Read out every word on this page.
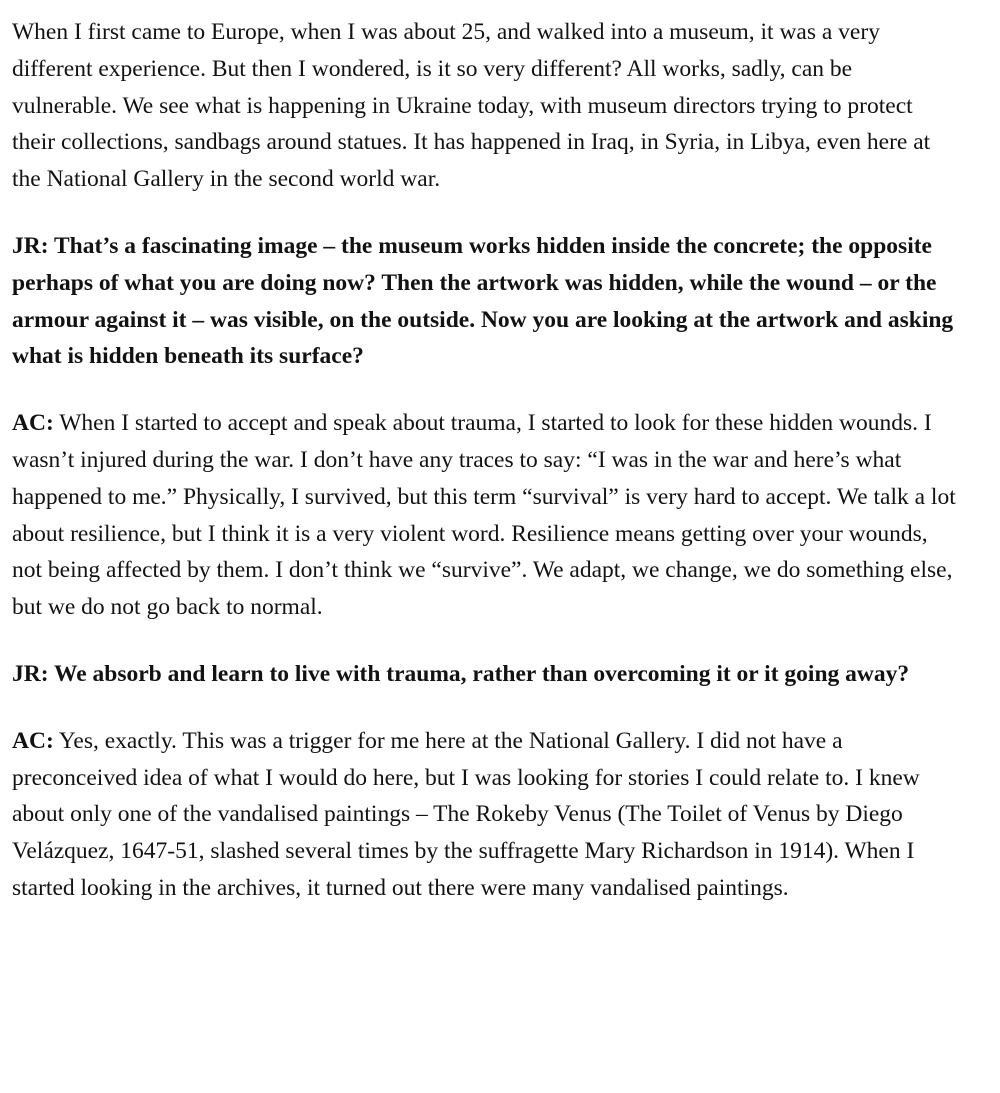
When I first came to Europe, when I was about 25, and walked into a museum, it was a very different experience. But then I wondered, is it so very different? All works, sadly, can be vulnerable. We see what is happening in Ukraine today, with museum directors trying to protect their collections, sandbags around statues. It has happened in Iraq, in Syria, in Libya, even here at the National Gallery in the second world war.

JR: That’s a fascinating image – the museum works hidden inside the concrete; the opposite perhaps of what you are doing now? Then the artwork was hidden, while the wound – or the armour against it – was visible, on the outside. Now you are looking at the artwork and asking what is hidden beneath its surface?

AC: When I started to accept and speak about trauma, I started to look for these hidden wounds. I wasn’t injured during the war. I don’t have any traces to say: “I was in the war and here’s what happened to me.” Physically, I survived, but this term “survival” is very hard to accept. We talk a lot about resilience, but I think it is a very violent word. Resilience means getting over your wounds, not being affected by them. I don’t think we “survive”. We adapt, we change, we do something else, but we do not go back to normal.

JR: We absorb and learn to live with trauma, rather than overcoming it or it going away?

AC: Yes, exactly. This was a trigger for me here at the National Gallery. I did not have a preconceived idea of what I would do here, but I was looking for stories I could relate to. I knew about only one of the vandalised paintings – The Rokeby Venus (The Toilet of Venus by Diego Velázquez, 1647-51, slashed several times by the suffragette Mary Richardson in 1914). When I started looking in the archives, it turned out there were many vandalised paintings.
